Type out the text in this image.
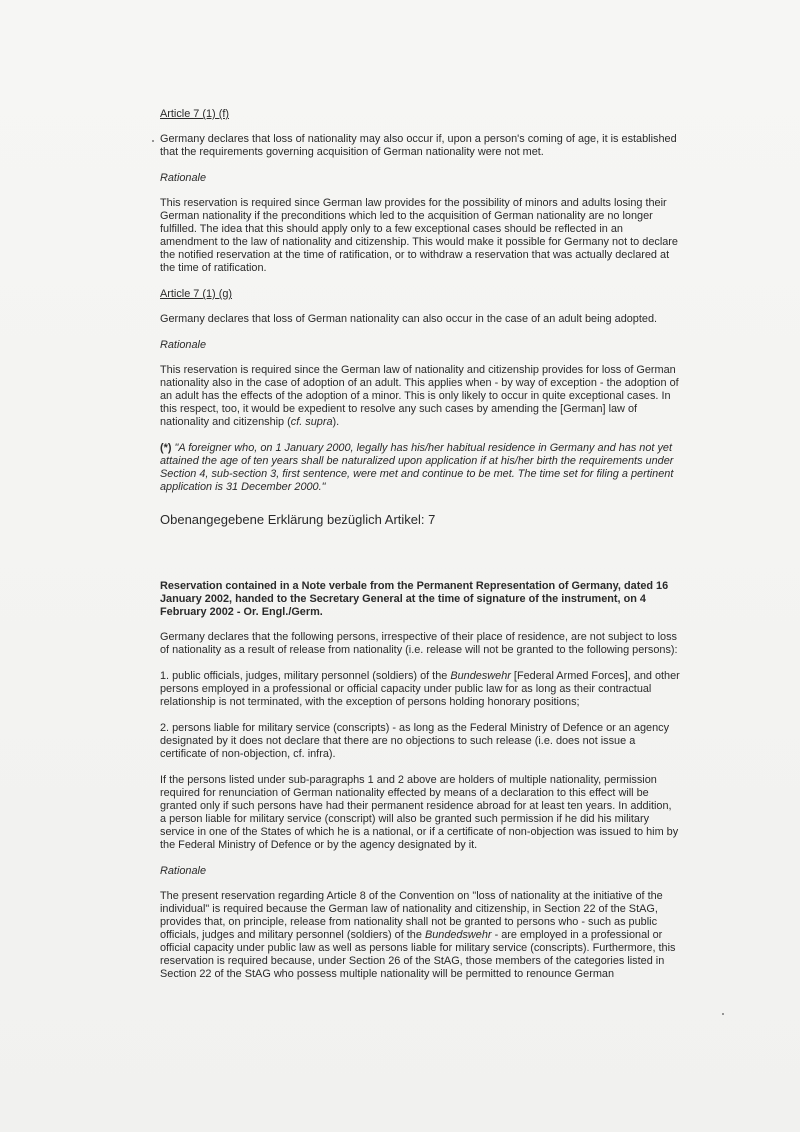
Article 7 (1) (f)

Germany declares that loss of nationality may also occur if, upon a person's coming of age, it is established that the requirements governing acquisition of German nationality were not met.

Rationale

This reservation is required since German law provides for the possibility of minors and adults losing their German nationality if the preconditions which led to the acquisition of German nationality are no longer fulfilled. The idea that this should apply only to a few exceptional cases should be reflected in an amendment to the law of nationality and citizenship. This would make it possible for Germany not to declare the notified reservation at the time of ratification, or to withdraw a reservation that was actually declared at the time of ratification.

Article 7 (1) (g)

Germany declares that loss of German nationality can also occur in the case of an adult being adopted.

Rationale

This reservation is required since the German law of nationality and citizenship provides for loss of German nationality also in the case of adoption of an adult. This applies when - by way of exception - the adoption of an adult has the effects of the adoption of a minor. This is only likely to occur in quite exceptional cases. In this respect, too, it would be expedient to resolve any such cases by amending the [German] law of nationality and citizenship (cf. supra).

(*) "A foreigner who, on 1 January 2000, legally has his/her habitual residence in Germany and has not yet attained the age of ten years shall be naturalized upon application if at his/her birth the requirements under Section 4, sub-section 3, first sentence, were met and continue to be met. The time set for filing a pertinent application is 31 December 2000."

Obenangegebene Erklärung bezüglich Artikel: 7

Reservation contained in a Note verbale from the Permanent Representation of Germany, dated 16 January 2002, handed to the Secretary General at the time of signature of the instrument, on 4 February 2002 - Or. Engl./Germ.

Germany declares that the following persons, irrespective of their place of residence, are not subject to loss of nationality as a result of release from nationality (i.e. release will not be granted to the following persons):

1. public officials, judges, military personnel (soldiers) of the Bundeswehr [Federal Armed Forces], and other persons employed in a professional or official capacity under public law for as long as their contractual relationship is not terminated, with the exception of persons holding honorary positions;

2. persons liable for military service (conscripts) - as long as the Federal Ministry of Defence or an agency designated by it does not declare that there are no objections to such release (i.e. does not issue a certificate of non-objection, cf. infra).

If the persons listed under sub-paragraphs 1 and 2 above are holders of multiple nationality, permission required for renunciation of German nationality effected by means of a declaration to this effect will be granted only if such persons have had their permanent residence abroad for at least ten years. In addition, a person liable for military service (conscript) will also be granted such permission if he did his military service in one of the States of which he is a national, or if a certificate of non-objection was issued to him by the Federal Ministry of Defence or by the agency designated by it.

Rationale

The present reservation regarding Article 8 of the Convention on "loss of nationality at the initiative of the individual" is required because the German law of nationality and citizenship, in Section 22 of the StAG, provides that, on principle, release from nationality shall not be granted to persons who - such as public officials, judges and military personnel (soldiers) of the Bundedswehr - are employed in a professional or official capacity under public law as well as persons liable for military service (conscripts). Furthermore, this reservation is required because, under Section 26 of the StAG, those members of the categories listed in Section 22 of the StAG who possess multiple nationality will be permitted to renounce German
